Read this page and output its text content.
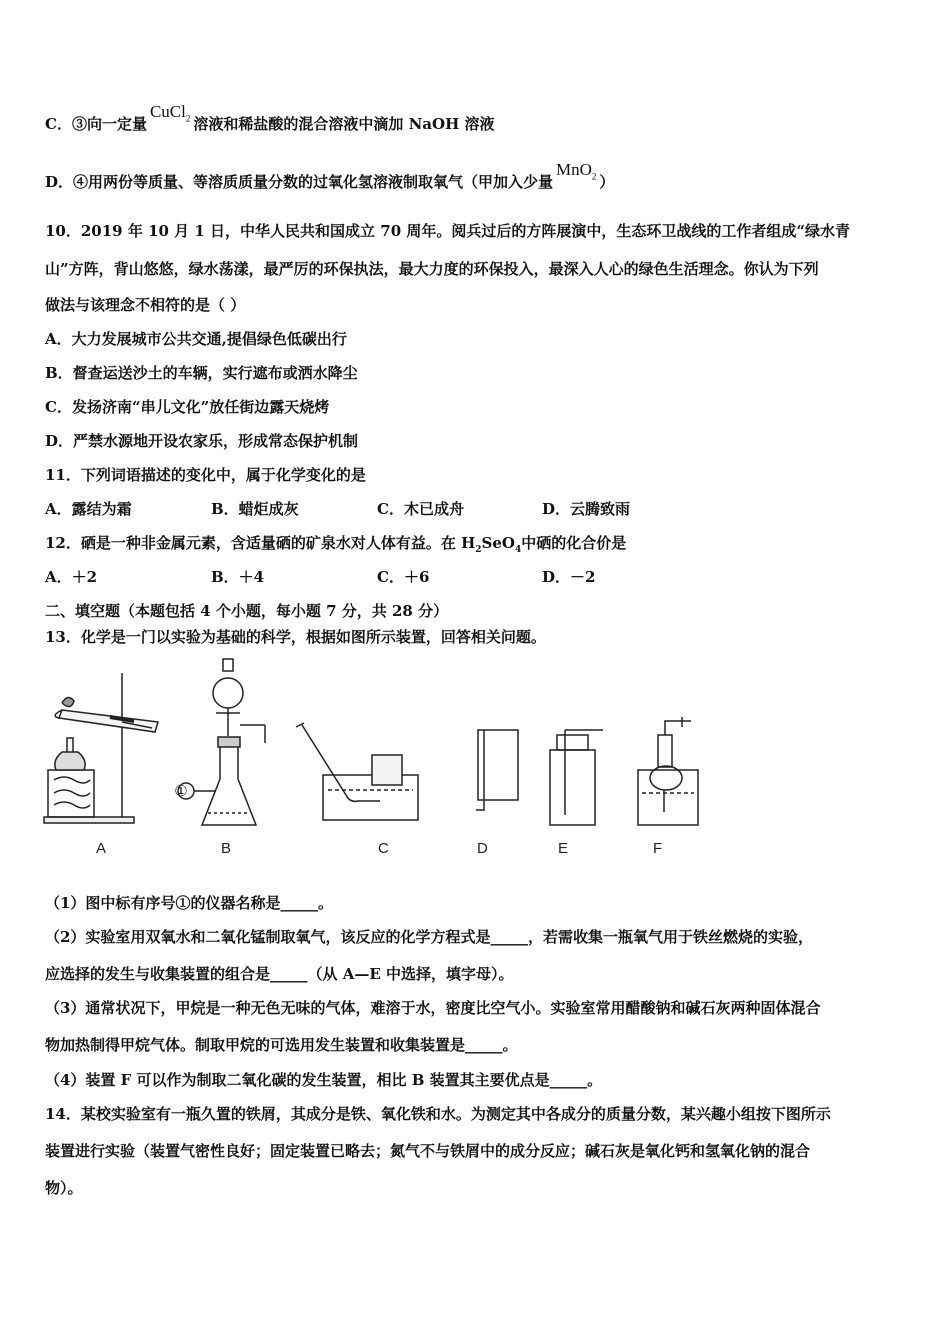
C．③向一定量CuCl$_2$ 溶液和稀盐酸的混合溶液中滴加 NaOH 溶液
D．④用两份等质量、等溶质质量分数的过氧化氢溶液制取氧气（甲加入少量MnO$_2$ ）
10．2019 年 10 月 1 日，中华人民共和国成立 70 周年。阅兵过后的方阵展演中，生态环卫战线的工作者组成“绿水青
山”方阵，背山悠悠，绿水荡漾，最严厉的环保执法，最大力度的环保投入，最深入人心的绿色生活理念。你认为下列
做法与该理念不相符的是（ ）
A．大力发展城市公共交通,提倡绿色低碳出行
B．督查运送沙土的车辆，实行遮布或洒水降尘
C．发扬济南“串儿文化”放任街边露天烧烤
D．严禁水源地开设农家乐，形成常态保护机制
11．下列词语描述的变化中，属于化学变化的是
A．露结为霜	B．蜡炬成灰	C．木已成舟	D．云腾致雨
12．硒是一种非金属元素，含适量硒的矿泉水对人体有益。在 $H_2SeO_4$中硒的化合价是
A．＋2	B．＋4	C．＋6	D．－2
二、填空题（本题包括 4 个小题，每小题 7 分，共 28 分）
13．化学是一门以实验为基础的科学，根据如图所示装置，回答相关问题。
①
A	B	C	D	E	F
（1）图中标有序号①的仪器名称是_____。
（2）实验室用双氧水和二氧化锰制取氧气，该反应的化学方程式是_____，若需收集一瓶氧气用于铁丝燃烧的实验，
应选择的发生与收集装置的组合是_____（从 A—E 中选择，填字母）。
（3）通常状况下，甲烷是一种无色无味的气体，难溶于水，密度比空气小。实验室常用醋酸钠和碱石灰两种固体混合
物加热制得甲烷气体。制取甲烷的可选用发生装置和收集装置是_____。
（4）装置 F 可以作为制取二氧化碳的发生装置，相比 B 装置其主要优点是_____。
14．某校实验室有一瓶久置的铁屑，其成分是铁、氧化铁和水。为测定其中各成分的质量分数，某兴趣小组按下图所示
装置进行实验（装置气密性良好；固定装置已略去；氮气不与铁屑中的成分反应；碱石灰是氧化钙和氢氧化钠的混合
物）。
